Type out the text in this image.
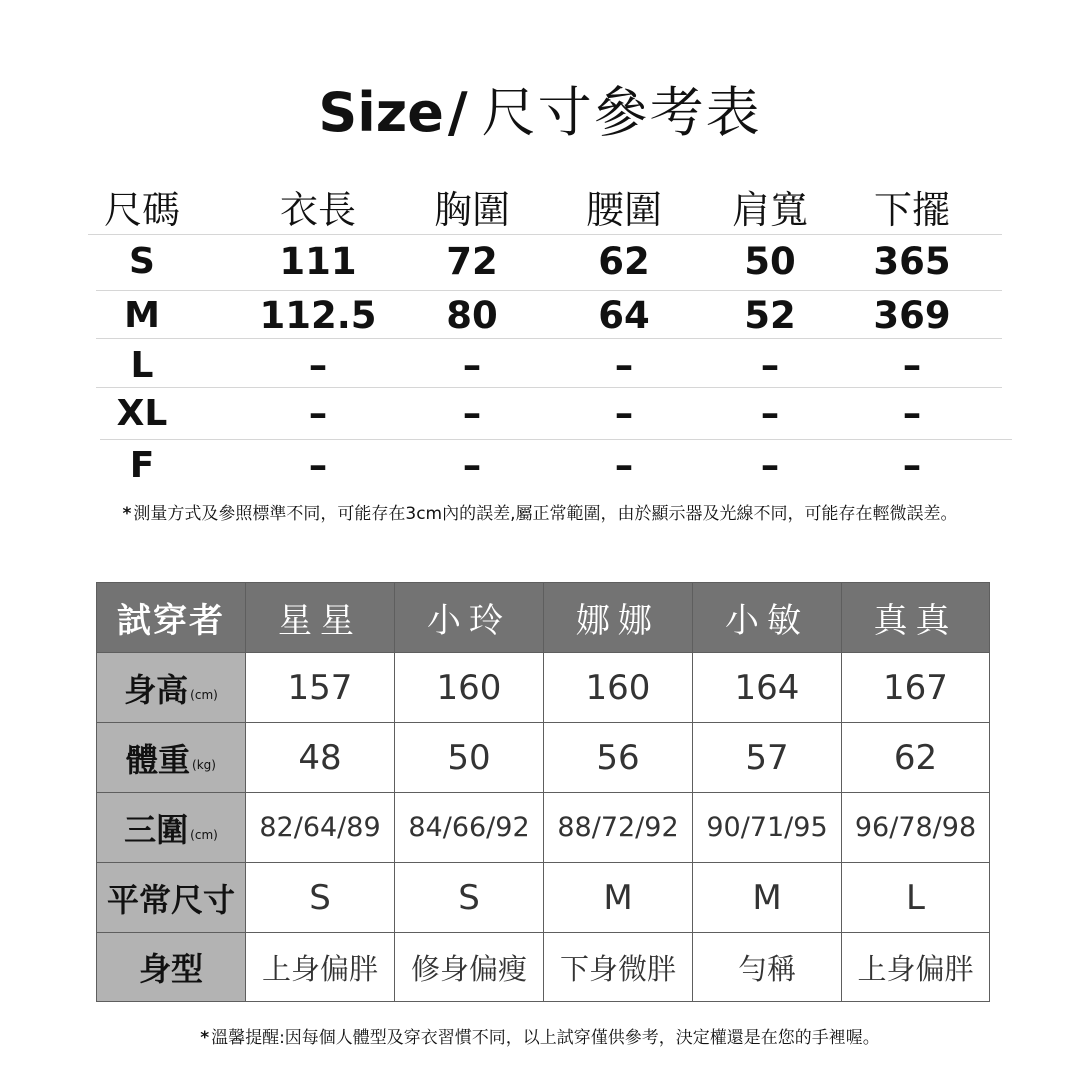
Size/ 尺寸參考表
尺碼	衣長	胸圍	腰圍	肩寬	下擺
S	111	72	62	50	365
M	112.5	80	64	52	369
L	–	–	–	–	–
XL	–	–	–	–	–
F	–	–	–	–	–
* 測量方式及參照標準不同，可能存在3cm內的誤差,屬正常範圍，由於顯示器及光線不同，可能存在輕微誤差。
試穿者	星星	小玲	娜娜	小敏	真真
身高 (cm)	157	160	160	164	167
體重 (kg)	48	50	56	57	62
三圍 (cm)	82/64/89	84/66/92	88/72/92	90/71/95	96/78/98
平常尺寸	S	S	M	M	L
身型	上身偏胖	修身偏瘦	下身微胖	勻稱	上身偏胖
* 溫馨提醒:因每個人體型及穿衣習慣不同，以上試穿僅供參考，決定權還是在您的手裡喔。
